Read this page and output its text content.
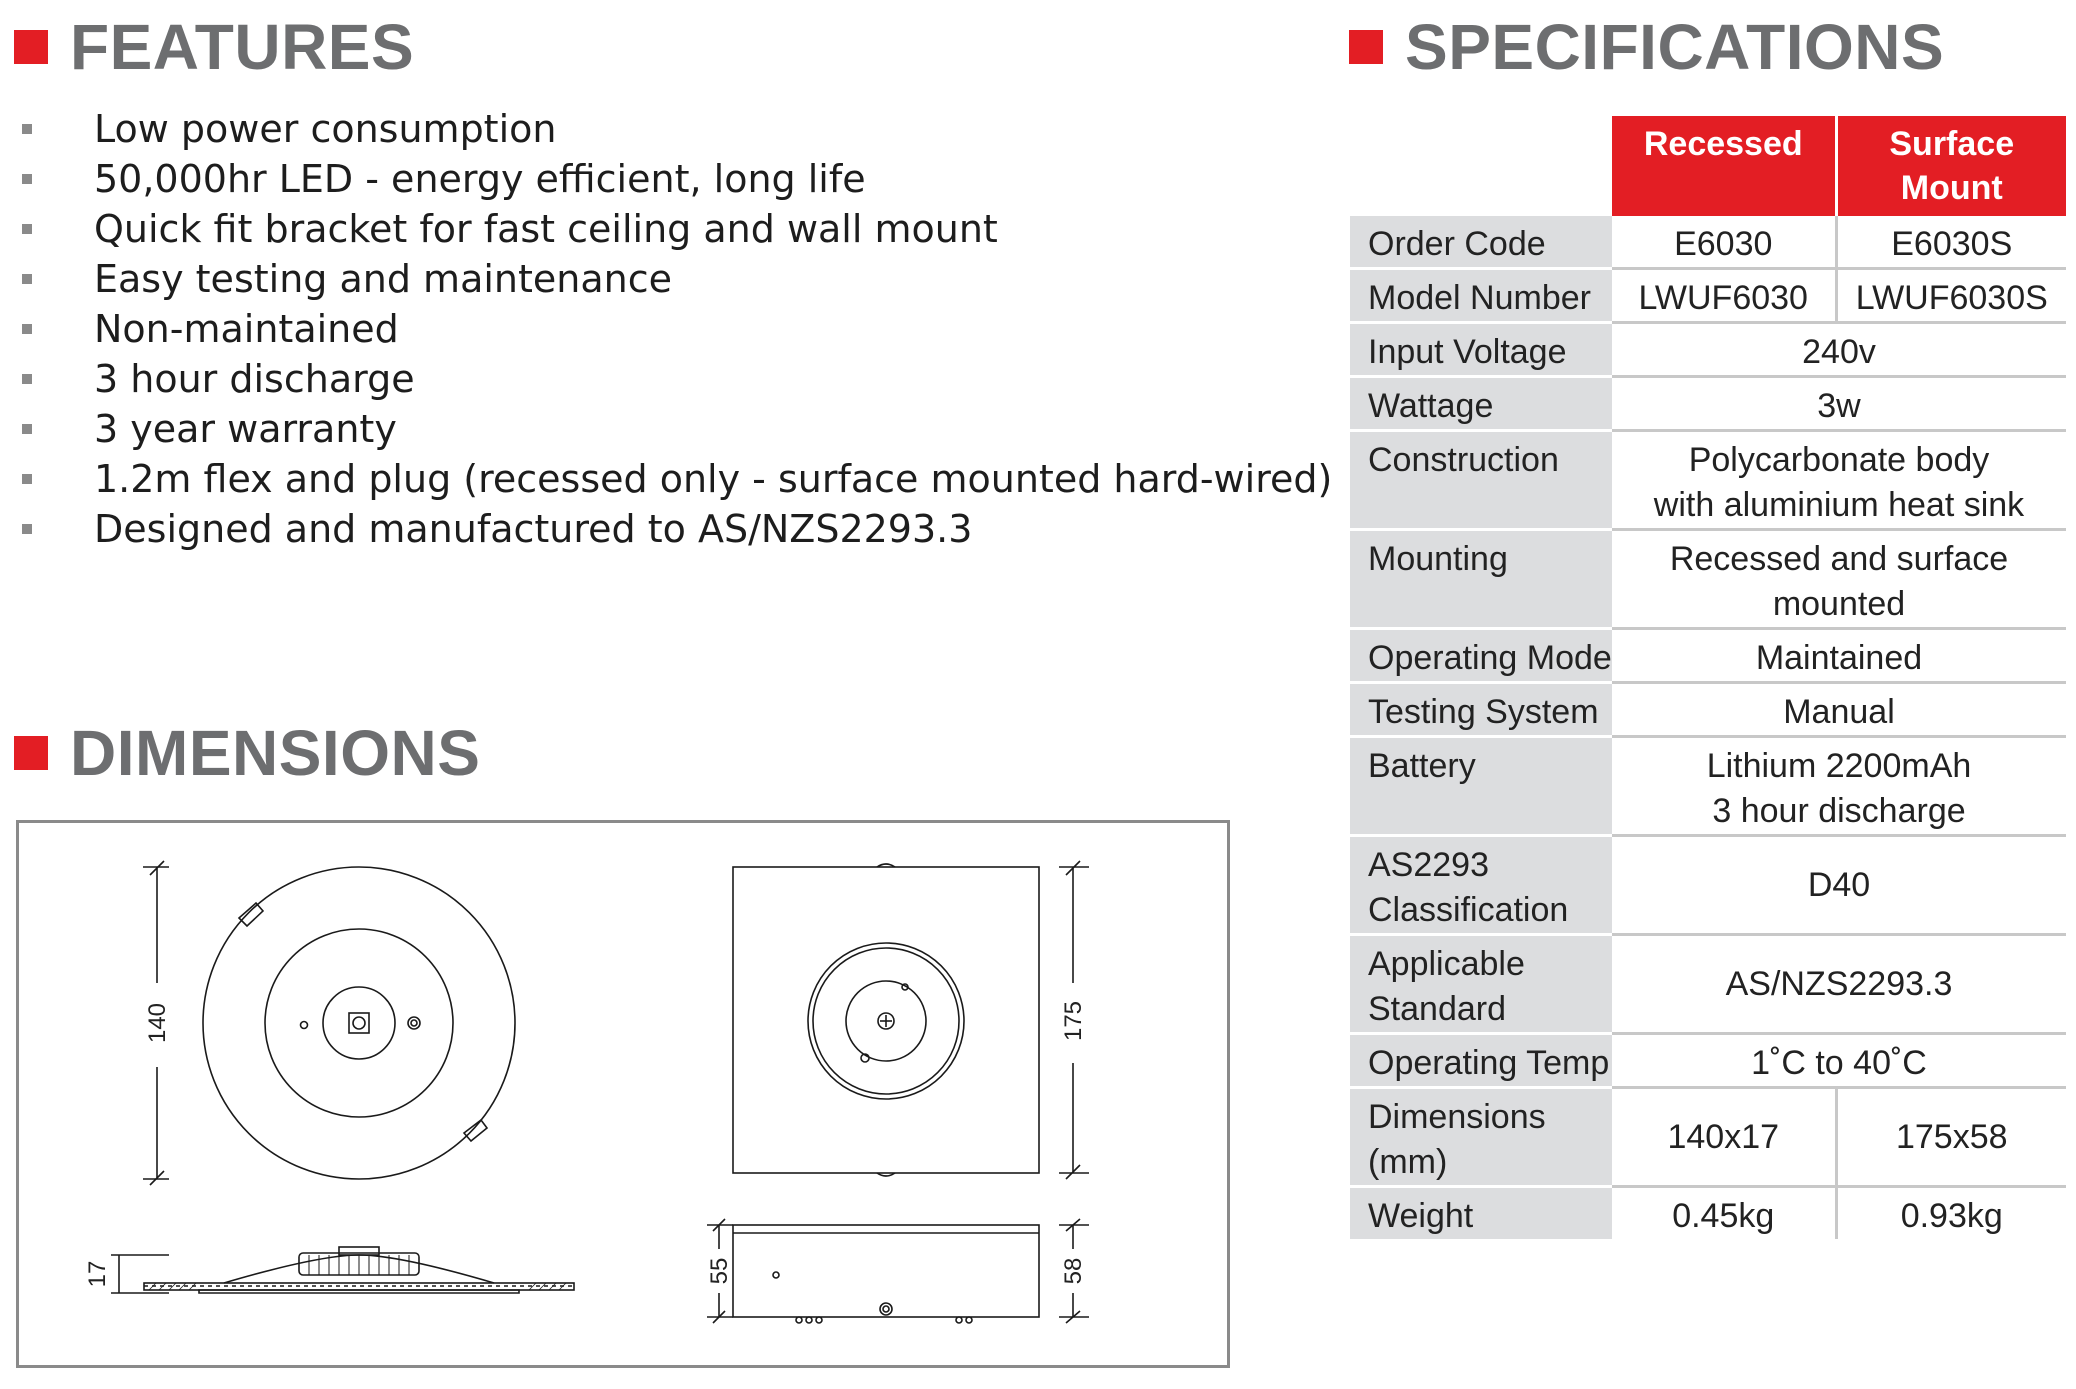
FEATURES
Low power consumption
50,000hr LED - energy efficient, long life
Quick fit bracket for fast ceiling and wall mount
Easy testing and maintenance
Non-maintained
3 hour discharge
3 year warranty
1.2m flex and plug (recessed only - surface mounted hard-wired)
Designed and manufactured to AS/NZS2293.3
SPECIFICATIONS
	Recessed	Surface
Mount
Order Code	E6030	E6030S
Model Number	LWUF6030	LWUF6030S
Input Voltage	240v	
Wattage	3w	
Construction	Polycarbonate body
with aluminium heat sink	
Mounting	Recessed and surface
mounted	
Operating Mode	Maintained	
Testing System	Manual	
Battery	Lithium 2200mAh
3 hour discharge	
AS2293
Classification	D40	
Applicable
Standard	AS/NZS2293.3	
Operating Temp	1˚C to 40˚C	
Dimensions
(mm)	140x17	175x58
Weight	0.45kg	0.93kg
DIMENSIONS
140
17
175
55	58
